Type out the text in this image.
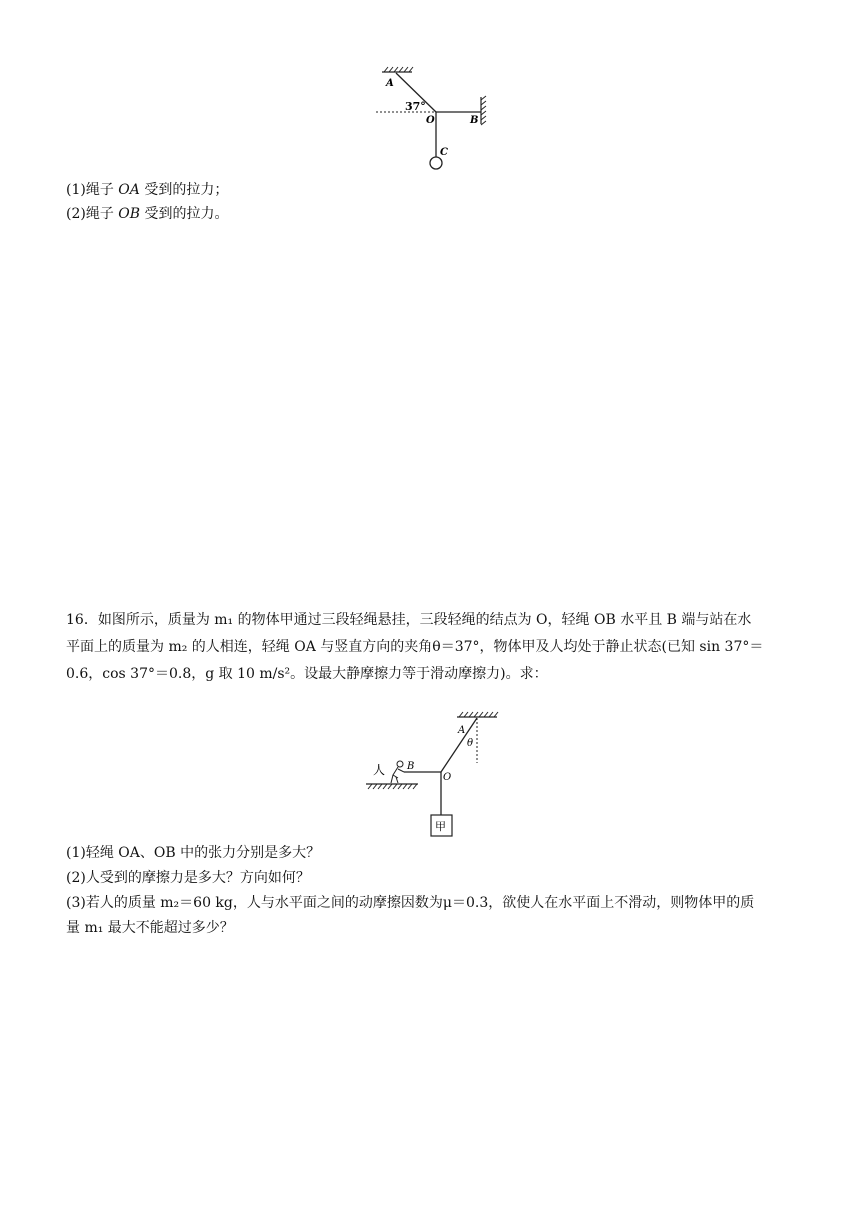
A
37°
O	B
C
(1)绳子 OA 受到的拉力；
(2)绳子 OB 受到的拉力。
16．如图所示，质量为 m₁ 的物体甲通过三段轻绳悬挂，三段轻绳的结点为 O，轻绳 OB 水平且 B 端与站在水
平面上的质量为 m₂ 的人相连，轻绳 OA 与竖直方向的夹角θ＝37°，物体甲及人均处于静止状态(已知 sin 37°＝
0.6，cos 37°＝0.8，g 取 10 m/s²。设最大静摩擦力等于滑动摩擦力)。求：
A
θ
B
O
人
甲
(1)轻绳 OA、OB 中的张力分别是多大？
(2)人受到的摩擦力是多大？方向如何？
(3)若人的质量 m₂＝60 kg，人与水平面之间的动摩擦因数为μ＝0.3，欲使人在水平面上不滑动，则物体甲的质
量 m₁ 最大不能超过多少？
